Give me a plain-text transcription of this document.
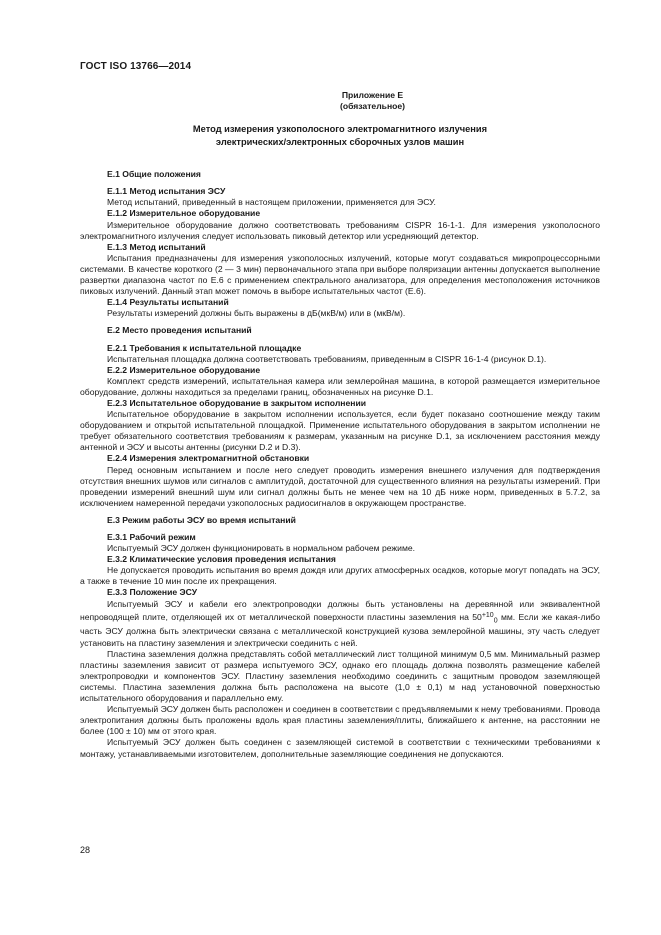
ГОСТ ISO 13766—2014
Приложение Е
(обязательное)
Метод измерения узкополосного электромагнитного излучения
электрических/электронных сборочных узлов машин
Е.1 Общие положения
Е.1.1 Метод испытания ЭСУ

Метод испытаний, приведенный в настоящем приложении, применяется для ЭСУ.

Е.1.2 Измерительное оборудование

Измерительное оборудование должно соответствовать требованиям CISPR 16-1-1. Для измерения узкополосного электромагнитного излучения следует использовать пиковый детектор или усредняющий детектор.

Е.1.3 Метод испытаний

Испытания предназначены для измерения узкополосных излучений, которые могут создаваться микропроцессорными системами. В качестве короткого (2 — 3 мин) первоначального этапа при выборе поляризации антенны допускается выполнение развертки диапазона частот по Е.6 с применением спектрального анализатора, для определения местоположения источников пиковых излучений. Данный этап может помочь в выборе испытательных частот (Е.6).

Е.1.4 Результаты испытаний

Результаты измерений должны быть выражены в дБ(мкВ/м) или в (мкВ/м).

Е.2 Место проведения испытаний
Е.2.1 Требования к испытательной площадке

Испытательная площадка должна соответствовать требованиям, приведенным в CISPR 16-1-4 (рисунок D.1).

Е.2.2 Измерительное оборудование

Комплект средств измерений, испытательная камера или землеройная машина, в которой размещается измерительное оборудование, должны находиться за пределами границ, обозначенных на рисунке D.1.

Е.2.3 Испытательное оборудование в закрытом исполнении

Испытательное оборудование в закрытом исполнении используется, если будет показано соотношение между таким оборудованием и открытой испытательной площадкой. Применение испытательного оборудования в закрытом исполнении не требует обязательного соответствия требованиям к размерам, указанным на рисунке D.1, за исключением расстояния между антенной и ЭСУ и высоты антенны (рисунки D.2 и D.3).

Е.2.4 Измерения электромагнитной обстановки

Перед основным испытанием и после него следует проводить измерения внешнего излучения для подтверждения отсутствия внешних шумов или сигналов с амплитудой, достаточной для существенного влияния на результаты измерений. При проведении измерений внешний шум или сигнал должны быть не менее чем на 10 дБ ниже норм, приведенных в 5.7.2, за исключением намеренной передачи узкополосных радиосигналов в окружающем пространстве.

Е.3 Режим работы ЭСУ во время испытаний
Е.3.1 Рабочий режим

Испытуемый ЭСУ должен функционировать в нормальном рабочем режиме.

Е.3.2 Климатические условия проведения испытания

Не допускается проводить испытания во время дождя или других атмосферных осадков, которые могут попадать на ЭСУ, а также в течение 10 мин после их прекращения.

Е.3.3 Положение ЭСУ

Испытуемый ЭСУ и кабели его электропроводки должны быть установлены на деревянной или эквивалентной непроводящей плите, отделяющей их от металлической поверхности пластины заземления на $50^{+10}_0$ мм. Если же какая-либо часть ЭСУ должна быть электрически связана с металлической конструкцией кузова землеройной машины, эту часть следует установить на пластину заземления и электрически соединить с ней.

Пластина заземления должна представлять собой металлический лист толщиной минимум 0,5 мм. Минимальный размер пластины заземления зависит от размера испытуемого ЭСУ, однако его площадь должна позволять размещение кабелей электропроводки и компонентов ЭСУ. Пластину заземления необходимо соединить с защитным проводом заземляющей системы. Пластина заземления должна быть расположена на высоте (1,0 ± 0,1) м над установочной поверхностью испытательного оборудования и параллельно ему.

Испытуемый ЭСУ должен быть расположен и соединен в соответствии с предъявляемыми к нему требованиями. Провода электропитания должны быть проложены вдоль края пластины заземления/плиты, ближайшего к антенне, на расстоянии не более (100 ± 10) мм от этого края.

Испытуемый ЭСУ должен быть соединен с заземляющей системой в соответствии с техническими требованиями к монтажу, устанавливаемыми изготовителем, дополнительные заземляющие соединения не допускаются.

28
